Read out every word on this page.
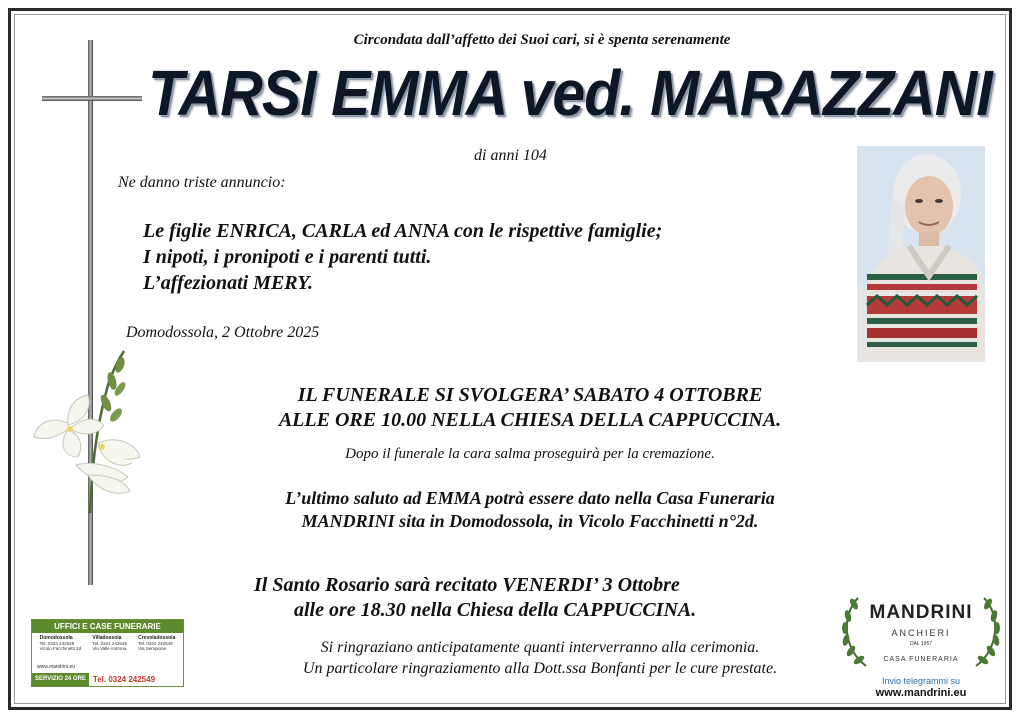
Circondata dall’affetto dei Suoi cari, si è spenta serenamente
TARSI EMMA ved. MARAZZANI
di anni 104
Ne danno triste annuncio:
Le figlie ENRICA, CARLA ed ANNA con le rispettive famiglie;
I nipoti, i pronipoti e i parenti tutti.
L’affezionati MERY.
Domodossola, 2 Ottobre 2025
IL FUNERALE SI SVOLGERA’ SABATO 4 OTTOBRE
ALLE ORE 10.00 NELLA CHIESA DELLA CAPPUCCINA.
Dopo il funerale la cara salma proseguirà per la cremazione.
L’ultimo saluto ad EMMA potrà essere dato nella Casa Funeraria
MANDRINI sita in Domodossola, in Vicolo Facchinetti n°2d.
Il Santo Rosario sarà recitato VENERDI’ 3 Ottobre
alle ore 18.30 nella Chiesa della CAPPUCCINA.
Si ringraziano anticipatamente quanti interverranno alla cerimonia.
Un particolare ringraziamento alla Dott.ssa Bonfanti per le cure prestate.
UFFICI E CASE FUNERARIE
Domodossola
Tel. 0324 242549
Vicolo Facchinetti 2d
Villadossola
Tel. 0324 242549
Via Valle Antrona
Crevoladossola
Tel. 0324 242549
Via Sempione
www.mandrini.eu
SERVIZIO 24 ORE Tel. 0324 242549
MANDRINI
ANCHIERI
DAL 1957
CASA FUNERARIA
Invio telegrammi su
www.mandrini.eu
